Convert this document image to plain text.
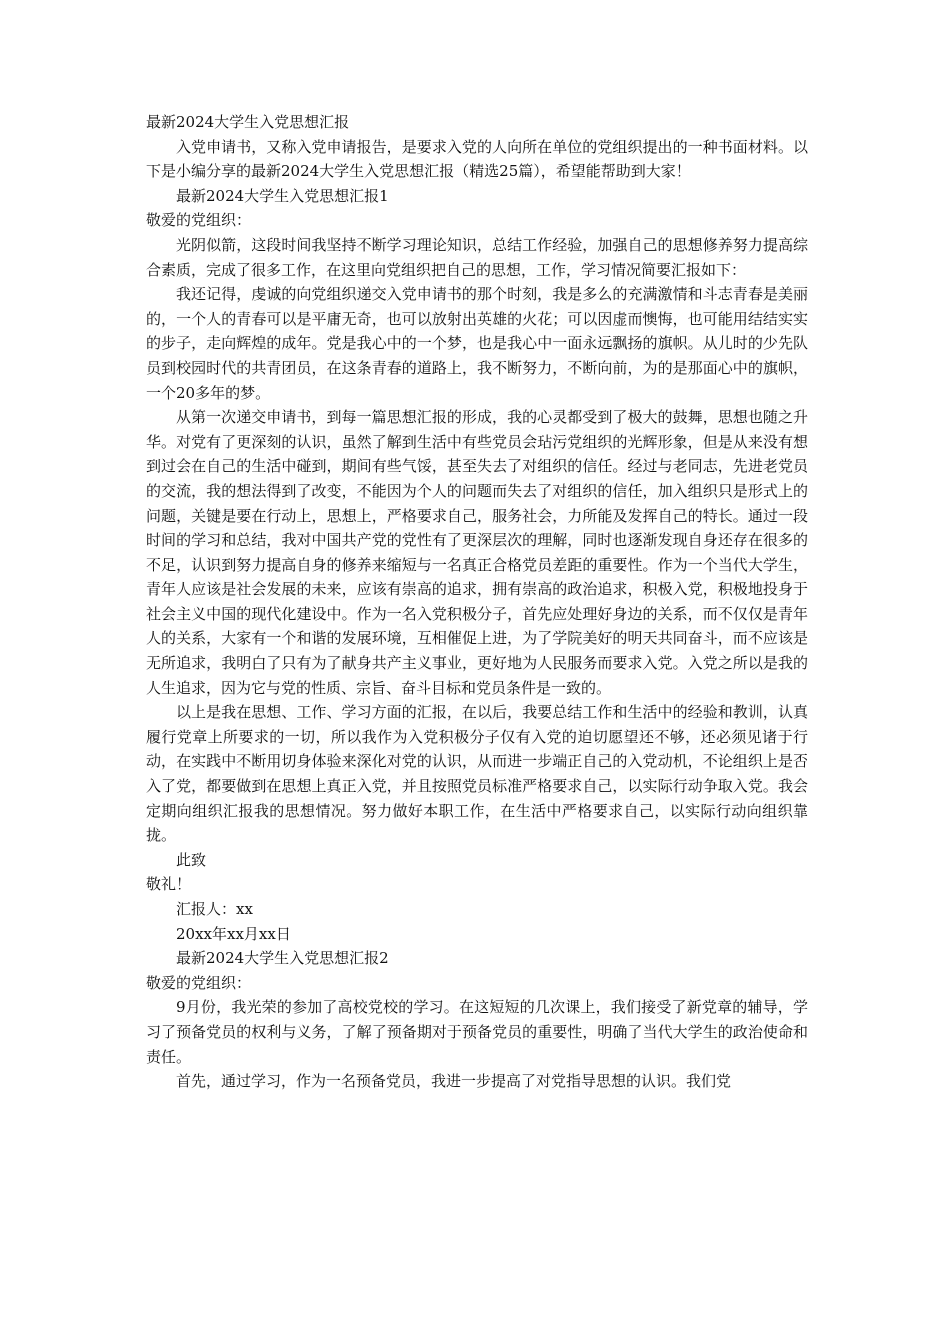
最新2024大学生入党思想汇报

入党申请书，又称入党申请报告，是要求入党的人向所在单位的党组织提出的一种书面材料。以下是小编分享的最新2024大学生入党思想汇报（精选25篇），希望能帮助到大家！

最新2024大学生入党思想汇报1

敬爱的党组织：

光阴似箭，这段时间我坚持不断学习理论知识，总结工作经验，加强自己的思想修养努力提高综合素质，完成了很多工作，在这里向党组织把自己的思想，工作，学习情况简要汇报如下：

我还记得，虔诚的向党组织递交入党申请书的那个时刻，我是多么的充满激情和斗志青春是美丽的，一个人的青春可以是平庸无奇，也可以放射出英雄的火花；可以因虚而懊悔，也可能用结结实实的步子，走向辉煌的成年。党是我心中的一个梦，也是我心中一面永远飘扬的旗帜。从儿时的少先队员到校园时代的共青团员，在这条青春的道路上，我不断努力，不断向前，为的是那面心中的旗帜，一个20多年的梦。

从第一次递交申请书，到每一篇思想汇报的形成，我的心灵都受到了极大的鼓舞，思想也随之升华。对党有了更深刻的认识，虽然了解到生活中有些党员会玷污党组织的光辉形象，但是从来没有想到过会在自己的生活中碰到，期间有些气馁，甚至失去了对组织的信任。经过与老同志，先进老党员的交流，我的想法得到了改变，不能因为个人的问题而失去了对组织的信任，加入组织只是形式上的问题，关键是要在行动上，思想上，严格要求自己，服务社会，力所能及发挥自己的特长。通过一段时间的学习和总结，我对中国共产党的党性有了更深层次的理解，同时也逐渐发现自身还存在很多的不足，认识到努力提高自身的修养来缩短与一名真正合格党员差距的重要性。作为一个当代大学生，青年人应该是社会发展的未来，应该有崇高的追求，拥有崇高的政治追求，积极入党，积极地投身于社会主义中国的现代化建设中。作为一名入党积极分子，首先应处理好身边的关系，而不仅仅是青年人的关系，大家有一个和谐的发展环境，互相催促上进，为了学院美好的明天共同奋斗，而不应该是无所追求，我明白了只有为了献身共产主义事业，更好地为人民服务而要求入党。入党之所以是我的人生追求，因为它与党的性质、宗旨、奋斗目标和党员条件是一致的。

以上是我在思想、工作、学习方面的汇报，在以后，我要总结工作和生活中的经验和教训，认真履行党章上所要求的一切，所以我作为入党积极分子仅有入党的迫切愿望还不够，还必须见诸于行动，在实践中不断用切身体验来深化对党的认识，从而进一步端正自己的入党动机，不论组织上是否入了党，都要做到在思想上真正入党，并且按照党员标准严格要求自己，以实际行动争取入党。我会定期向组织汇报我的思想情况。努力做好本职工作，在生活中严格要求自己，以实际行动向组织靠拢。

此致

敬礼！

汇报人：xx

20xx年xx月xx日

最新2024大学生入党思想汇报2

敬爱的党组织：

9月份，我光荣的参加了高校党校的学习。在这短短的几次课上，我们接受了新党章的辅导，学习了预备党员的权利与义务，了解了预备期对于预备党员的重要性，明确了当代大学生的政治使命和责任。

首先，通过学习，作为一名预备党员，我进一步提高了对党指导思想的认识。我们党
